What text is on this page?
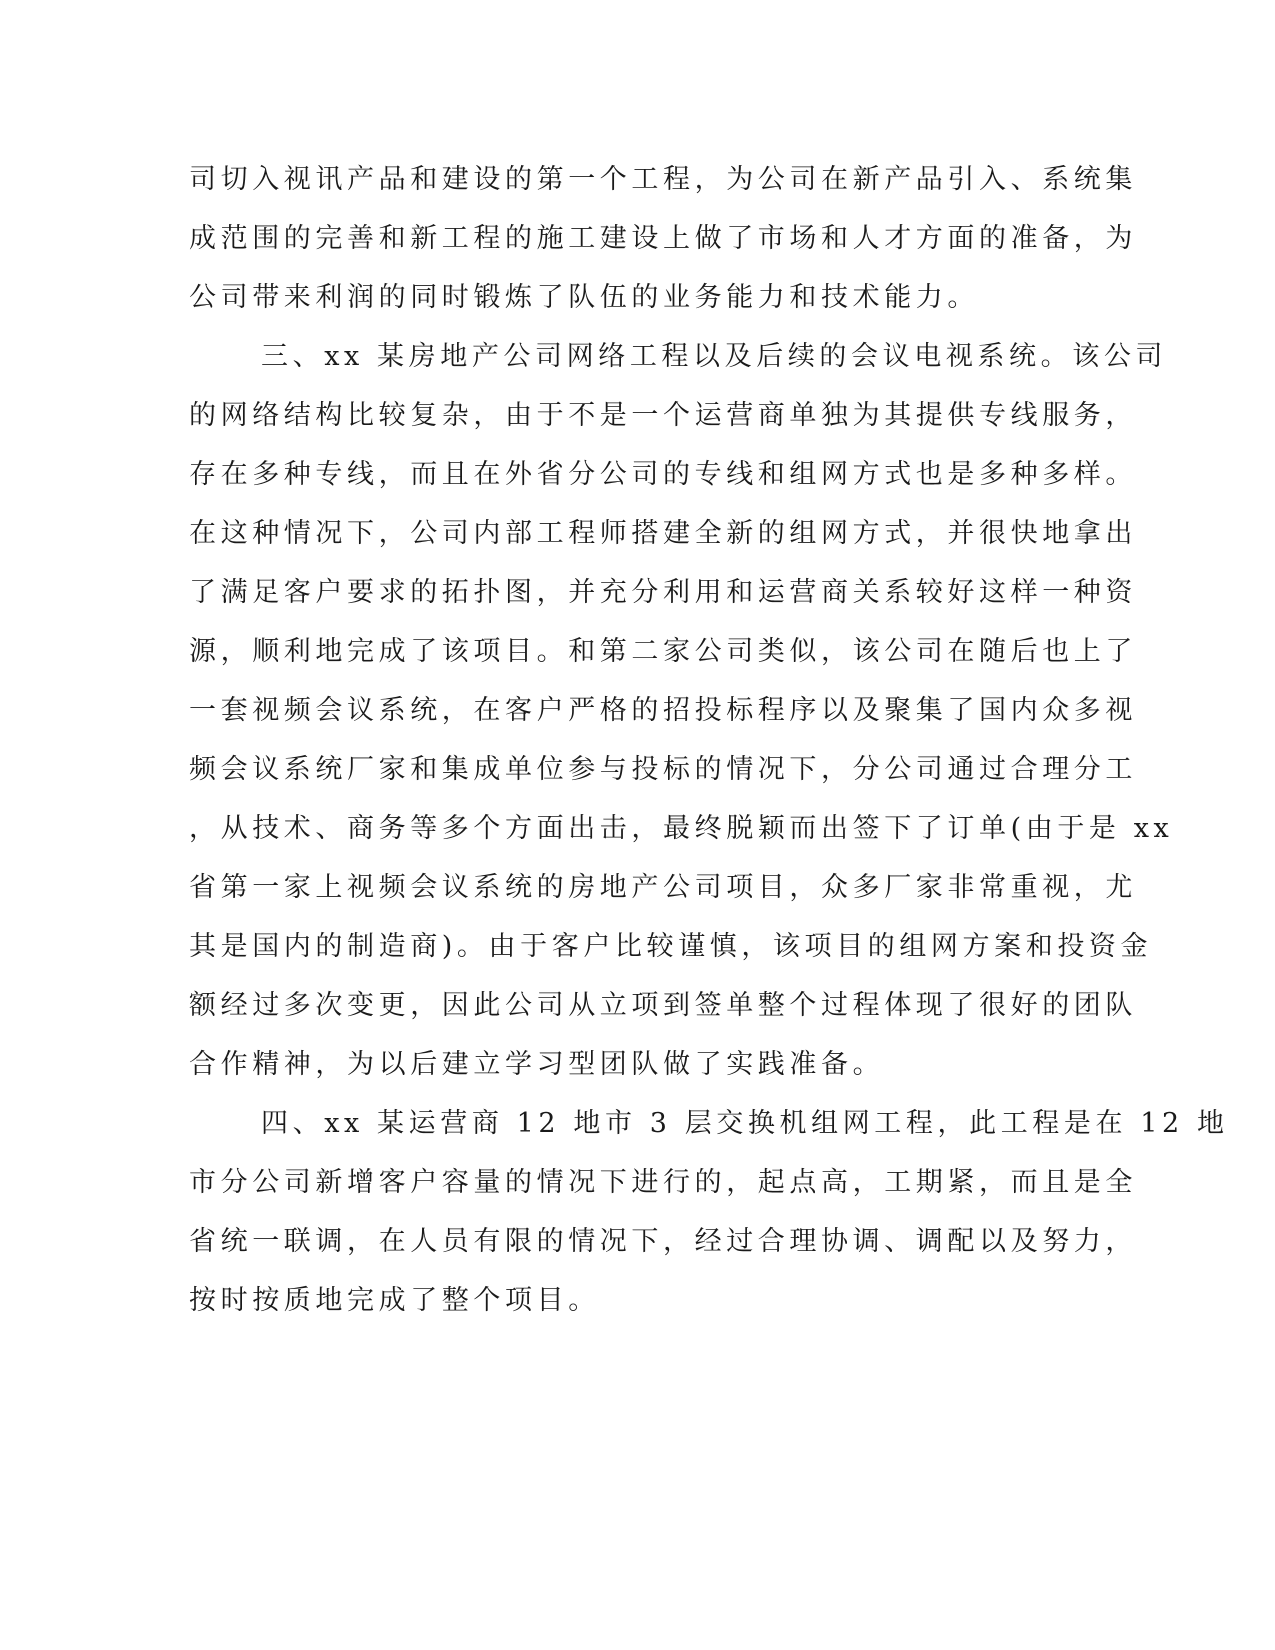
司切入视讯产品和建设的第一个工程，为公司在新产品引入、系统集
成范围的完善和新工程的施工建设上做了市场和人才方面的准备，为
公司带来利润的同时锻炼了队伍的业务能力和技术能力。
三、xx 某房地产公司网络工程以及后续的会议电视系统。该公司
的网络结构比较复杂，由于不是一个运营商单独为其提供专线服务，
存在多种专线，而且在外省分公司的专线和组网方式也是多种多样。
在这种情况下，公司内部工程师搭建全新的组网方式，并很快地拿出
了满足客户要求的拓扑图，并充分利用和运营商关系较好这样一种资
源，顺利地完成了该项目。和第二家公司类似，该公司在随后也上了
一套视频会议系统，在客户严格的招投标程序以及聚集了国内众多视
频会议系统厂家和集成单位参与投标的情况下，分公司通过合理分工
，从技术、商务等多个方面出击，最终脱颖而出签下了订单(由于是 xx
省第一家上视频会议系统的房地产公司项目，众多厂家非常重视，尤
其是国内的制造商)。由于客户比较谨慎，该项目的组网方案和投资金
额经过多次变更，因此公司从立项到签单整个过程体现了很好的团队
合作精神，为以后建立学习型团队做了实践准备。
四、xx 某运营商 12 地市 3 层交换机组网工程，此工程是在 12 地
市分公司新增客户容量的情况下进行的，起点高，工期紧，而且是全
省统一联调，在人员有限的情况下，经过合理协调、调配以及努力，
按时按质地完成了整个项目。
